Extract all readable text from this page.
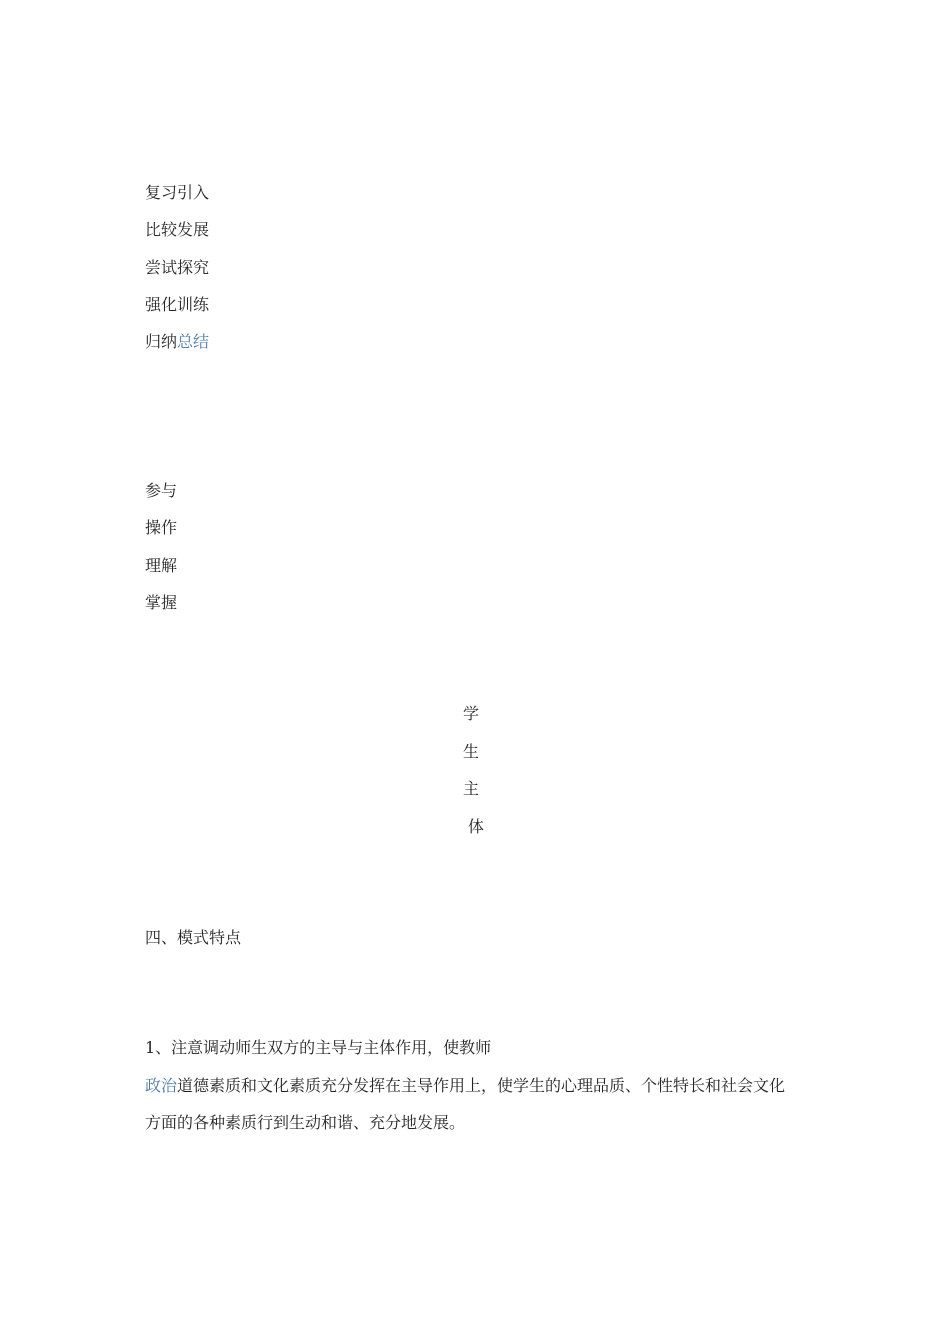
复习引入
比较发展
尝试探究
强化训练
归纳总结
参与
操作
理解
掌握
学
生
主
体
四、模式特点
1、注意调动师生双方的主导与主体作用，使教师
政治道德素质和文化素质充分发挥在主导作用上，使学生的心理品质、个性特长和社会文化
方面的各种素质行到生动和谐、充分地发展。
